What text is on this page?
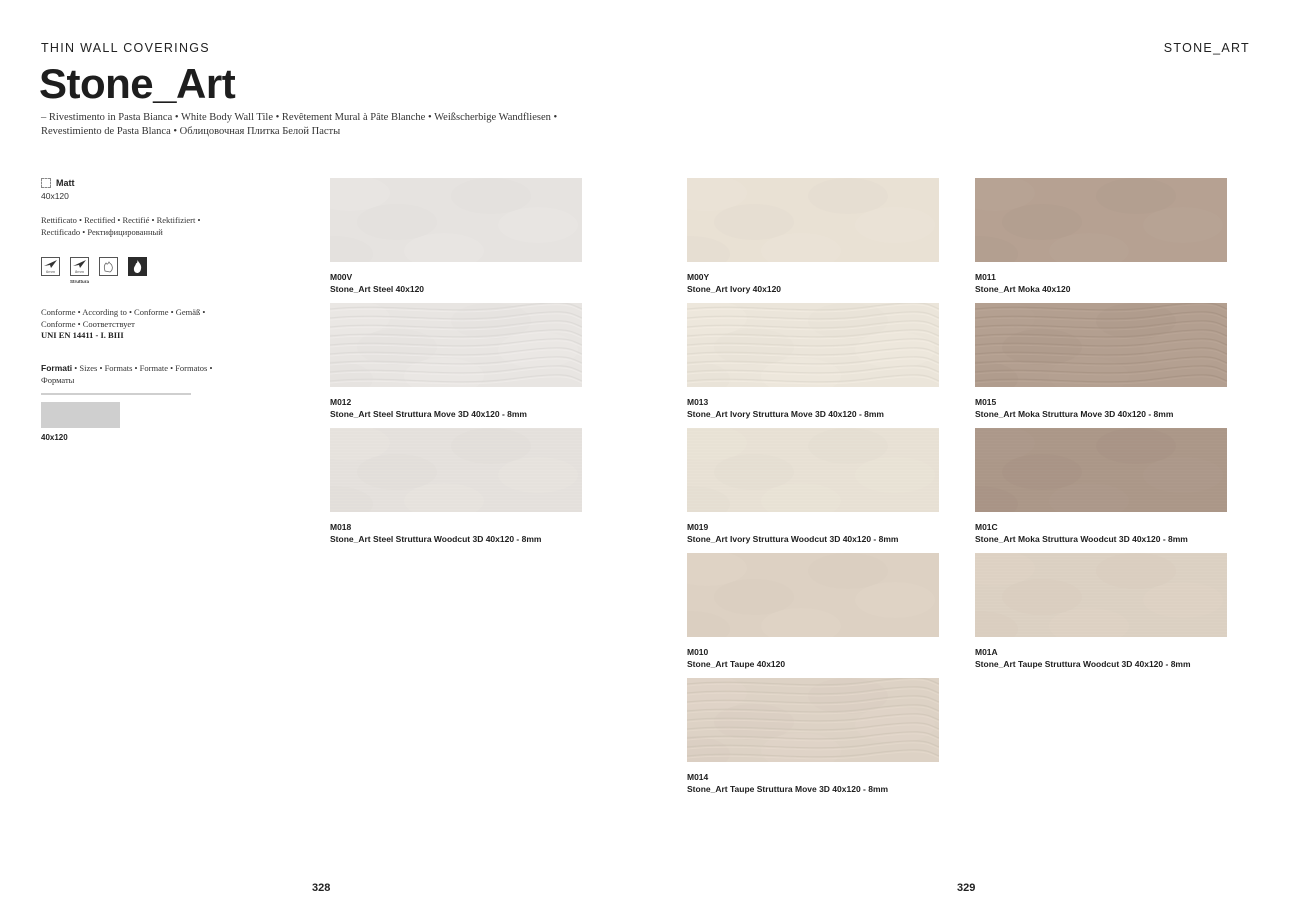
THIN WALL COVERINGS	STONE_ART
Stone_Art
– Rivestimento in Pasta Bianca • White Body Wall Tile • Revêtement Mural à Pâte Blanche • Weißscherbige Wandfliesen • Revestimiento de Pasta Blanca • Облицовочная Плитка Белой Пасты
Matt
40x120
Rettificato • Rectified • Rectifié • Rektifiziert • Rectificado • Ректифицированный
6mm	8mm
Struttura
Conforme • According to • Conforme • Gemäß • Conforme • Соответствует
UNI EN 14411 - I. BIII
Formati • Sizes • Formats • Formate • Formatos • Форматы
40x120
M00V
Stone_Art Steel 40x120
M012
Stone_Art Steel Struttura Move 3D 40x120 - 8mm
M018
Stone_Art Steel Struttura Woodcut 3D 40x120 - 8mm
M00Y
Stone_Art Ivory 40x120
M013
Stone_Art Ivory Struttura Move 3D 40x120 - 8mm
M019
Stone_Art Ivory Struttura Woodcut 3D 40x120 - 8mm
M010
Stone_Art Taupe 40x120
M014
Stone_Art Taupe Struttura Move 3D 40x120 - 8mm
M011
Stone_Art Moka 40x120
M015
Stone_Art Moka Struttura Move 3D 40x120 - 8mm
M01C
Stone_Art Moka Struttura Woodcut 3D 40x120 - 8mm
M01A
Stone_Art Taupe Struttura Woodcut 3D 40x120 - 8mm
328	329
